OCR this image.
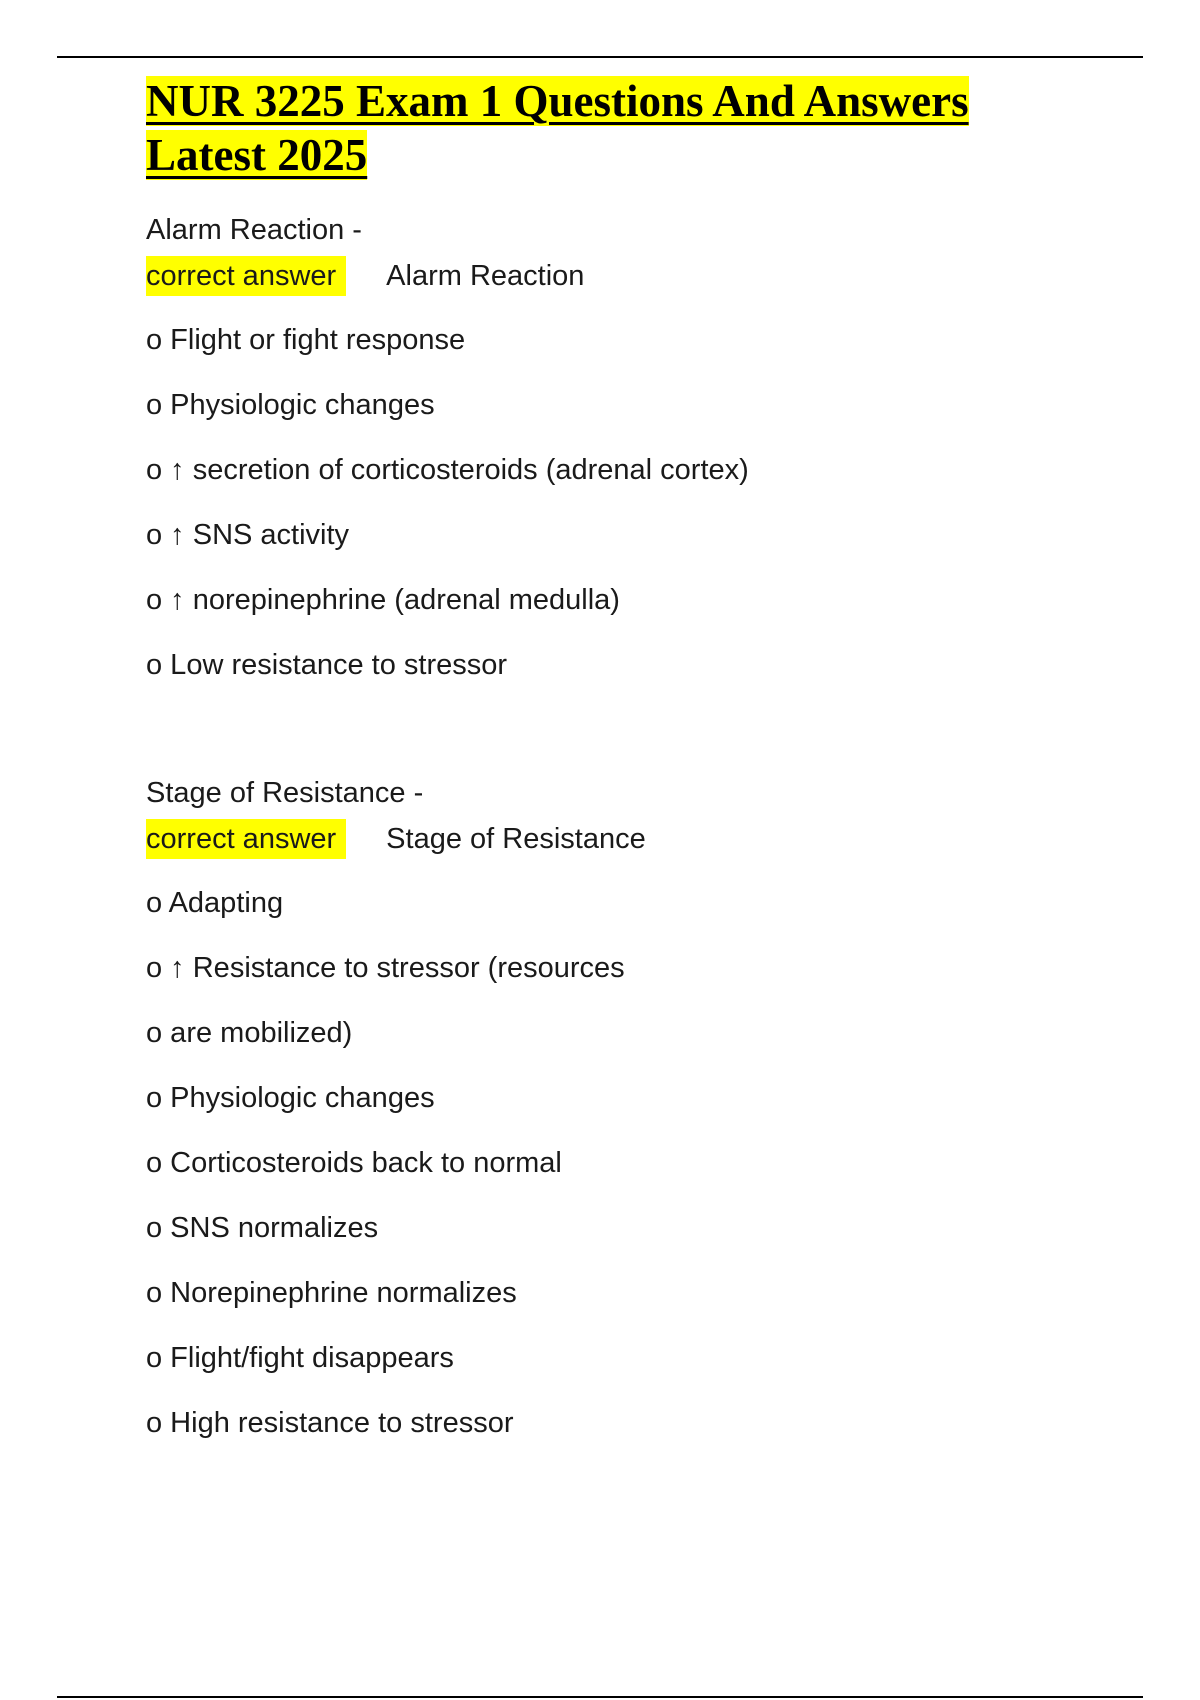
NUR 3225 Exam 1 Questions And Answers
Latest 2025

Alarm Reaction -

correct answer	Alarm Reaction
o Flight or fight response
o Physiologic changes
o ↑ secretion of corticosteroids (adrenal cortex)
o ↑ SNS activity
o ↑ norepinephrine (adrenal medulla)
o Low resistance to stressor

Stage of Resistance -

correct answer	Stage of Resistance
o Adapting
o ↑ Resistance to stressor (resources
o are mobilized)
o Physiologic changes
o Corticosteroids back to normal
o SNS normalizes
o Norepinephrine normalizes
o Flight/fight disappears
o High resistance to stressor
